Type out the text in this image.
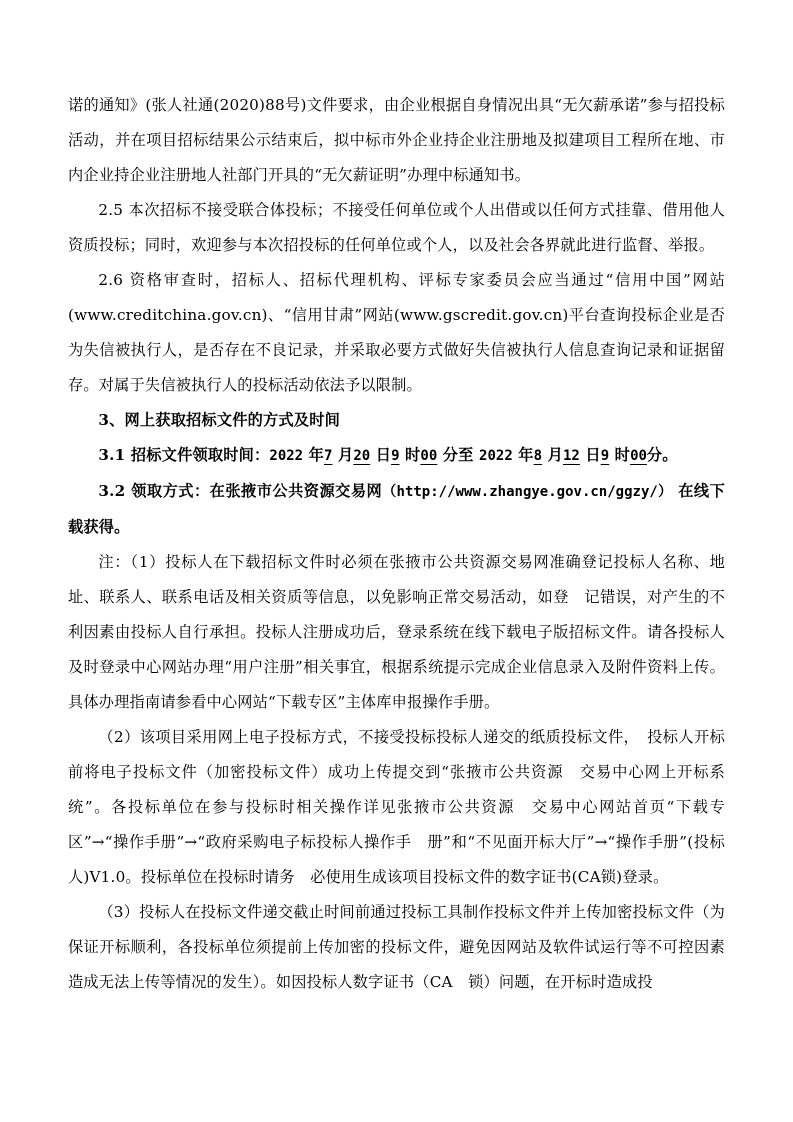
诺的通知》(张人社通(2020)88号)文件要求，由企业根据自身情况出具“无欠薪承诺”参与招投标活动，并在项目招标结果公示结束后，拟中标市外企业持企业注册地及拟建项目工程所在地、市内企业持企业注册地人社部门开具的“无欠薪证明”办理中标通知书。

2.5 本次招标不接受联合体投标；不接受任何单位或个人出借或以任何方式挂靠、借用他人资质投标；同时，欢迎参与本次招投标的任何单位或个人，以及社会各界就此进行监督、举报。

2.6 资格审查时，招标人、招标代理机构、评标专家委员会应当通过“信用中国”网站(www.creditchina.gov.cn)、“信用甘肃”网站(www.gscredit.gov.cn)平台查询投标企业是否为失信被执行人，是否存在不良记录，并采取必要方式做好失信被执行人信息查询记录和证据留存。对属于失信被执行人的投标活动依法予以限制。

3、网上获取招标文件的方式及时间

3.1 招标文件领取时间：2022 年7 月20 日9 时00 分至 2022 年8 月12 日9 时00分。

3.2 领取方式：在张掖市公共资源交易网（http://www.zhangye.gov.cn/ggzy/） 在线下载获得。

注：（1）投标人在下载招标文件时必须在张掖市公共资源交易网准确登记投标人名称、地址、联系人、联系电话及相关资质等信息，以免影响正常交易活动，如登　记错误，对产生的不利因素由投标人自行承担。投标人注册成功后，登录系统在线下载电子版招标文件。请各投标人及时登录中心网站办理“用户注册”相关事宜，根据系统提示完成企业信息录入及附件资料上传。具体办理指南请参看中心网站“下载专区”主体库申报操作手册。

（2）该项目采用网上电子投标方式，不接受投标投标人递交的纸质投标文件，　投标人开标前将电子投标文件（加密投标文件）成功上传提交到“张掖市公共资源　交易中心网上开标系统”。各投标单位在参与投标时相关操作详见张掖市公共资源　交易中心网站首页“下载专区”→“操作手册”→“政府采购电子标投标人操作手　册”和“不见面开标大厅”→“操作手册”(投标人)V1.0。投标单位在投标时请务　必使用生成该项目投标文件的数字证书(CA锁)登录。

（3）投标人在投标文件递交截止时间前通过投标工具制作投标文件并上传加密投标文件（为保证开标顺利，各投标单位须提前上传加密的投标文件，避免因网站及软件试运行等不可控因素造成无法上传等情况的发生）。如因投标人数字证书（CA　锁）问题，在开标时造成投
